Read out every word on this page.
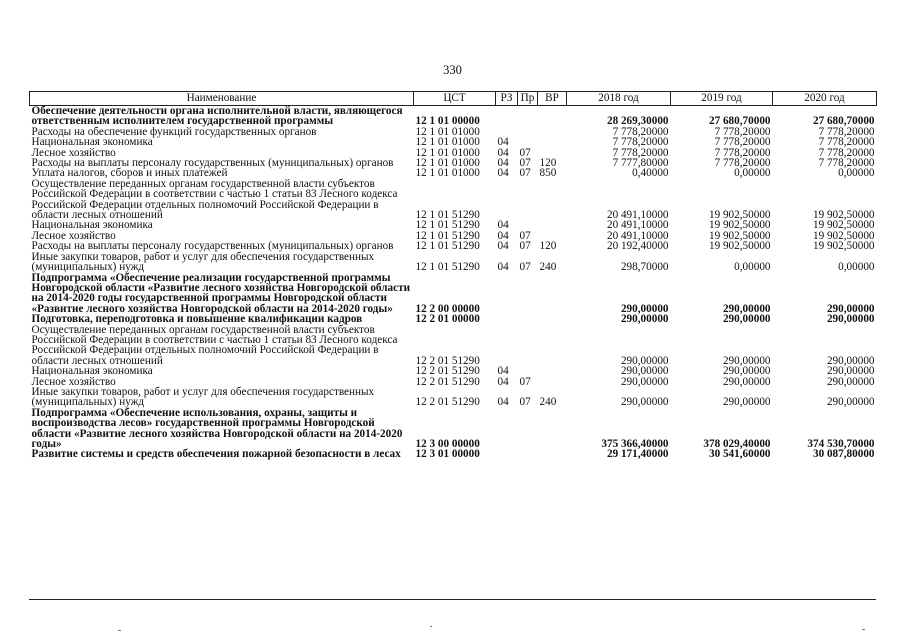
330
Наименование	ЦСТ	РЗ	Пр	ВР	2018 год	2019 год	2020 год
Обеспечение деятельности органа исполнительной власти, являющегося ответственным исполнителем государственной программы	12 1 01 00000				28 269,30000	27 680,70000	27 680,70000
Расходы на обеспечение функций государственных органов	12 1 01 01000				7 778,20000	7 778,20000	7 778,20000
Национальная экономика	12 1 01 01000	04			7 778,20000	7 778,20000	7 778,20000
Лесное хозяйство	12 1 01 01000	04	07		7 778,20000	7 778,20000	7 778,20000
Расходы на выплаты персоналу государственных (муниципальных) органов	12 1 01 01000	04	07	120	7 777,80000	7 778,20000	7 778,20000
Уплата налогов, сборов и иных платежей	12 1 01 01000	04	07	850	0,40000	0,00000	0,00000
Осуществление переданных органам государственной власти субъектов Российской Федерации в соответствии с частью 1 статьи 83 Лесного кодекса Российской Федерации отдельных полномочий Российской Федерации в области лесных отношений	12 1 01 51290				20 491,10000	19 902,50000	19 902,50000
Национальная экономика	12 1 01 51290	04			20 491,10000	19 902,50000	19 902,50000
Лесное хозяйство	12 1 01 51290	04	07		20 491,10000	19 902,50000	19 902,50000
Расходы на выплаты персоналу государственных (муниципальных) органов	12 1 01 51290	04	07	120	20 192,40000	19 902,50000	19 902,50000
Иные закупки товаров, работ и услуг для обеспечения государственных (муниципальных) нужд	12 1 01 51290	04	07	240	298,70000	0,00000	0,00000
Подпрограмма «Обеспечение реализации государственной программы Новгородской области «Развитие лесного хозяйства Новгородской области на 2014-2020 годы государственной программы Новгородской области «Развитие лесного хозяйства Новгородской области на 2014-2020 годы»	12 2 00 00000				290,00000	290,00000	290,00000
Подготовка, переподготовка и повышение квалификации кадров	12 2 01 00000				290,00000	290,00000	290,00000
Осуществление переданных органам государственной власти субъектов Российской Федерации в соответствии с частью 1 статьи 83 Лесного кодекса Российской Федерации отдельных полномочий Российской Федерации в области лесных отношений	12 2 01 51290				290,00000	290,00000	290,00000
Национальная экономика	12 2 01 51290	04			290,00000	290,00000	290,00000
Лесное хозяйство	12 2 01 51290	04	07		290,00000	290,00000	290,00000
Иные закупки товаров, работ и услуг для обеспечения государственных (муниципальных) нужд	12 2 01 51290	04	07	240	290,00000	290,00000	290,00000
Подпрограмма «Обеспечение использования, охраны, защиты и воспроизводства лесов» государственной программы Новгородской области «Развитие лесного хозяйства Новгородской области на 2014-2020 годы»	12 3 00 00000				375 366,40000	378 029,40000	374 530,70000
Развитие системы и средств обеспечения пожарной безопасности в лесах	12 3 01 00000				29 171,40000	30 541,60000	30 087,80000
